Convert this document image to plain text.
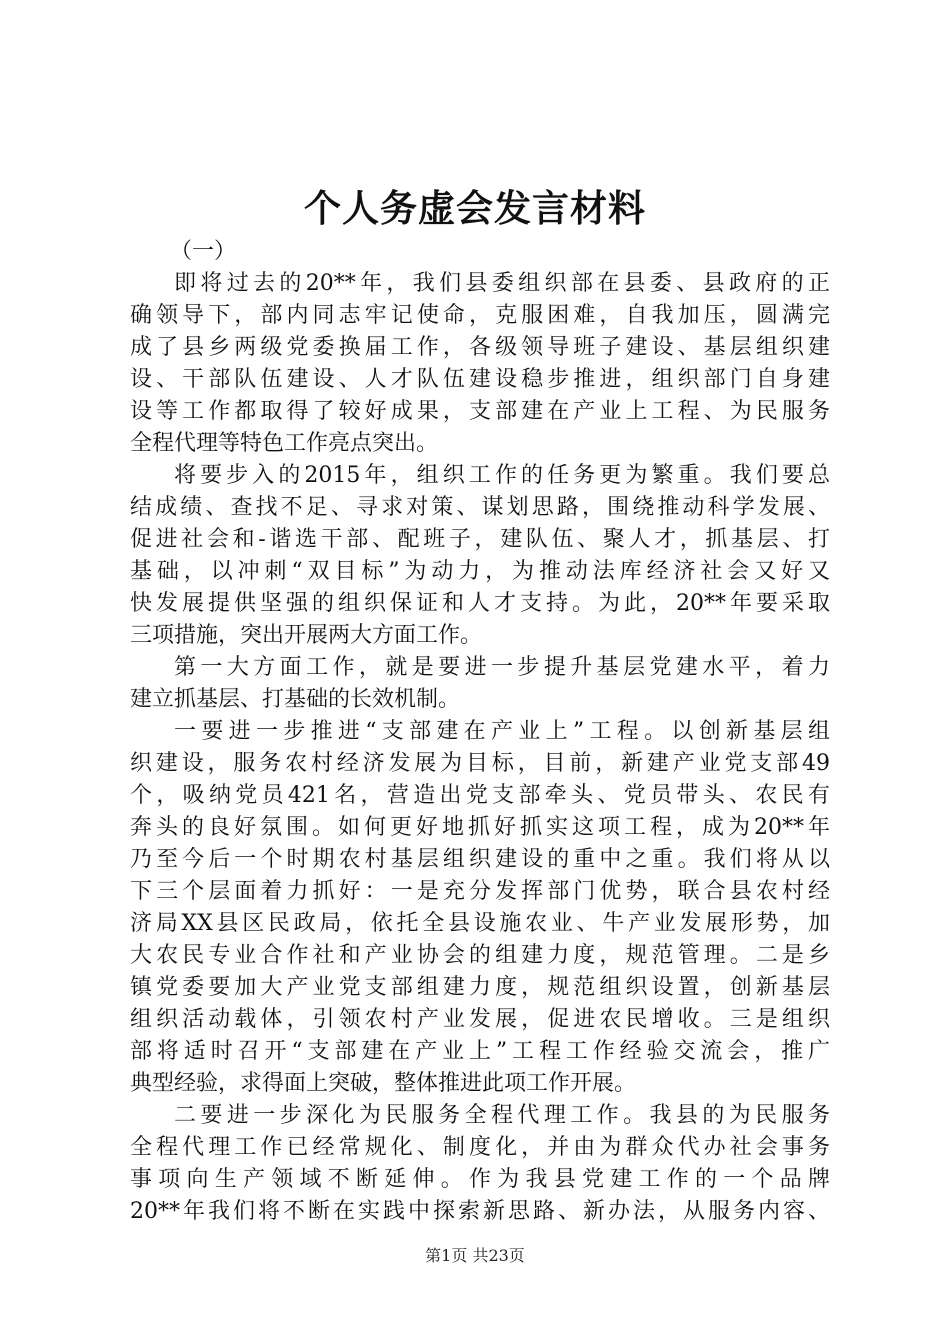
个人务虚会发言材料

（一）

即将过去的20**年，我们县委组织部在县委、县政府的正
确领导下，部内同志牢记使命，克服困难，自我加压，圆满完
成了县乡两级党委换届工作，各级领导班子建设、基层组织建
设、干部队伍建设、人才队伍建设稳步推进，组织部门自身建
设等工作都取得了较好成果，支部建在产业上工程、为民服务
全程代理等特色工作亮点突出。

将要步入的2015年，组织工作的任务更为繁重。我们要总
结成绩、查找不足、寻求对策、谋划思路，围绕推动科学发展、
促进社会和-谐选干部、配班子，建队伍、聚人才，抓基层、打
基础，以冲刺“双目标”为动力，为推动法库经济社会又好又
快发展提供坚强的组织保证和人才支持。为此，20**年要采取
三项措施，突出开展两大方面工作。

第一大方面工作，就是要进一步提升基层党建水平，着力
建立抓基层、打基础的长效机制。

一要进一步推进“支部建在产业上”工程。以创新基层组
织建设，服务农村经济发展为目标，目前，新建产业党支部49
个，吸纳党员421名，营造出党支部牵头、党员带头、农民有
奔头的良好氛围。如何更好地抓好抓实这项工程，成为20**年
乃至今后一个时期农村基层组织建设的重中之重。我们将从以
下三个层面着力抓好：一是充分发挥部门优势，联合县农村经
济局XX县区民政局，依托全县设施农业、牛产业发展形势，加
大农民专业合作社和产业协会的组建力度，规范管理。二是乡
镇党委要加大产业党支部组建力度，规范组织设置，创新基层
组织活动载体，引领农村产业发展，促进农民增收。三是组织
部将适时召开“支部建在产业上”工程工作经验交流会，推广
典型经验，求得面上突破，整体推进此项工作开展。

二要进一步深化为民服务全程代理工作。我县的为民服务
全程代理工作已经常规化、制度化，并由为群众代办社会事务
事项向生产领域不断延伸。作为我县党建工作的一个品牌
20**年我们将不断在实践中探索新思路、新办法，从服务内容、

第1页 共23页
